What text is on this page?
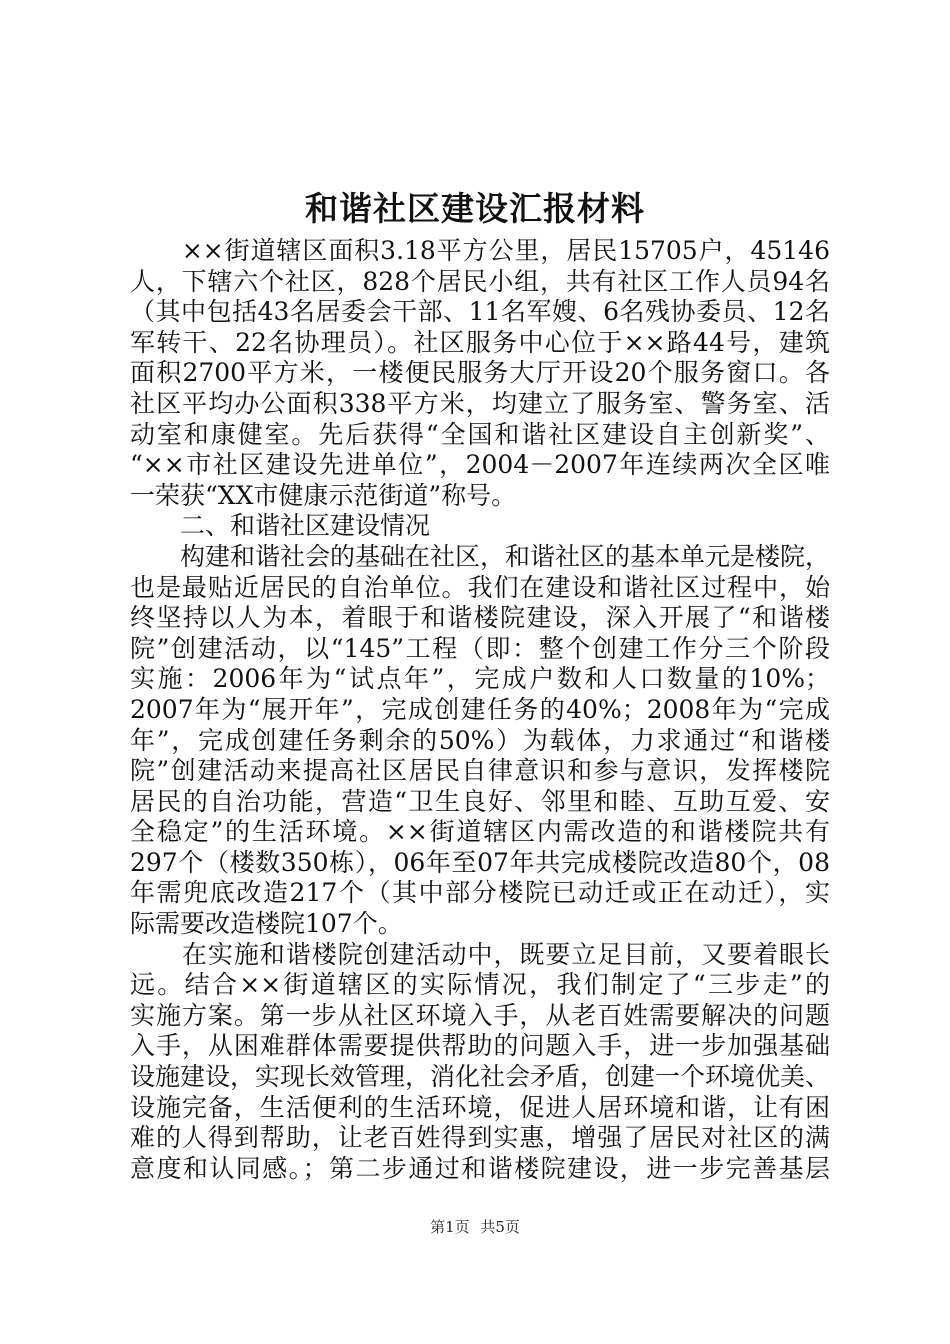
和谐社区建设汇报材料
　　××街道辖区面积3.18平方公里，居民15705户，45146
人，下辖六个社区，828个居民小组，共有社区工作人员94名
（其中包括43名居委会干部、11名军嫂、6名残协委员、12名
军转干、22名协理员）。社区服务中心位于××路44号，建筑
面积2700平方米，一楼便民服务大厅开设20个服务窗口。各
社区平均办公面积338平方米，均建立了服务室、警务室、活
动室和康健室。先后获得“全国和谐社区建设自主创新奖”、
“××市社区建设先进单位”，2004－2007年连续两次全区唯
一荣获“XX市健康示范街道”称号。
　　二、和谐社区建设情况
　　构建和谐社会的基础在社区，和谐社区的基本单元是楼院，
也是最贴近居民的自治单位。我们在建设和谐社区过程中，始
终坚持以人为本，着眼于和谐楼院建设，深入开展了“和谐楼
院”创建活动，以“145”工程（即：整个创建工作分三个阶段
实施：2006年为“试点年”，完成户数和人口数量的10%；
2007年为“展开年”，完成创建任务的40%；2008年为“完成
年”，完成创建任务剩余的50%）为载体，力求通过“和谐楼
院”创建活动来提高社区居民自律意识和参与意识，发挥楼院
居民的自治功能，营造“卫生良好、邻里和睦、互助互爱、安
全稳定”的生活环境。××街道辖区内需改造的和谐楼院共有
297个（楼数350栋），06年至07年共完成楼院改造80个，08
年需兜底改造217个（其中部分楼院已动迁或正在动迁），实
际需要改造楼院107个。
　　在实施和谐楼院创建活动中，既要立足目前，又要着眼长
远。结合××街道辖区的实际情况，我们制定了“三步走”的
实施方案。第一步从社区环境入手，从老百姓需要解决的问题
入手，从困难群体需要提供帮助的问题入手，进一步加强基础
设施建设，实现长效管理，消化社会矛盾，创建一个环境优美、
设施完备，生活便利的生活环境，促进人居环境和谐，让有困
难的人得到帮助，让老百姓得到实惠，增强了居民对社区的满
意度和认同感。；第二步通过和谐楼院建设，进一步完善基层
第1页 共5页
